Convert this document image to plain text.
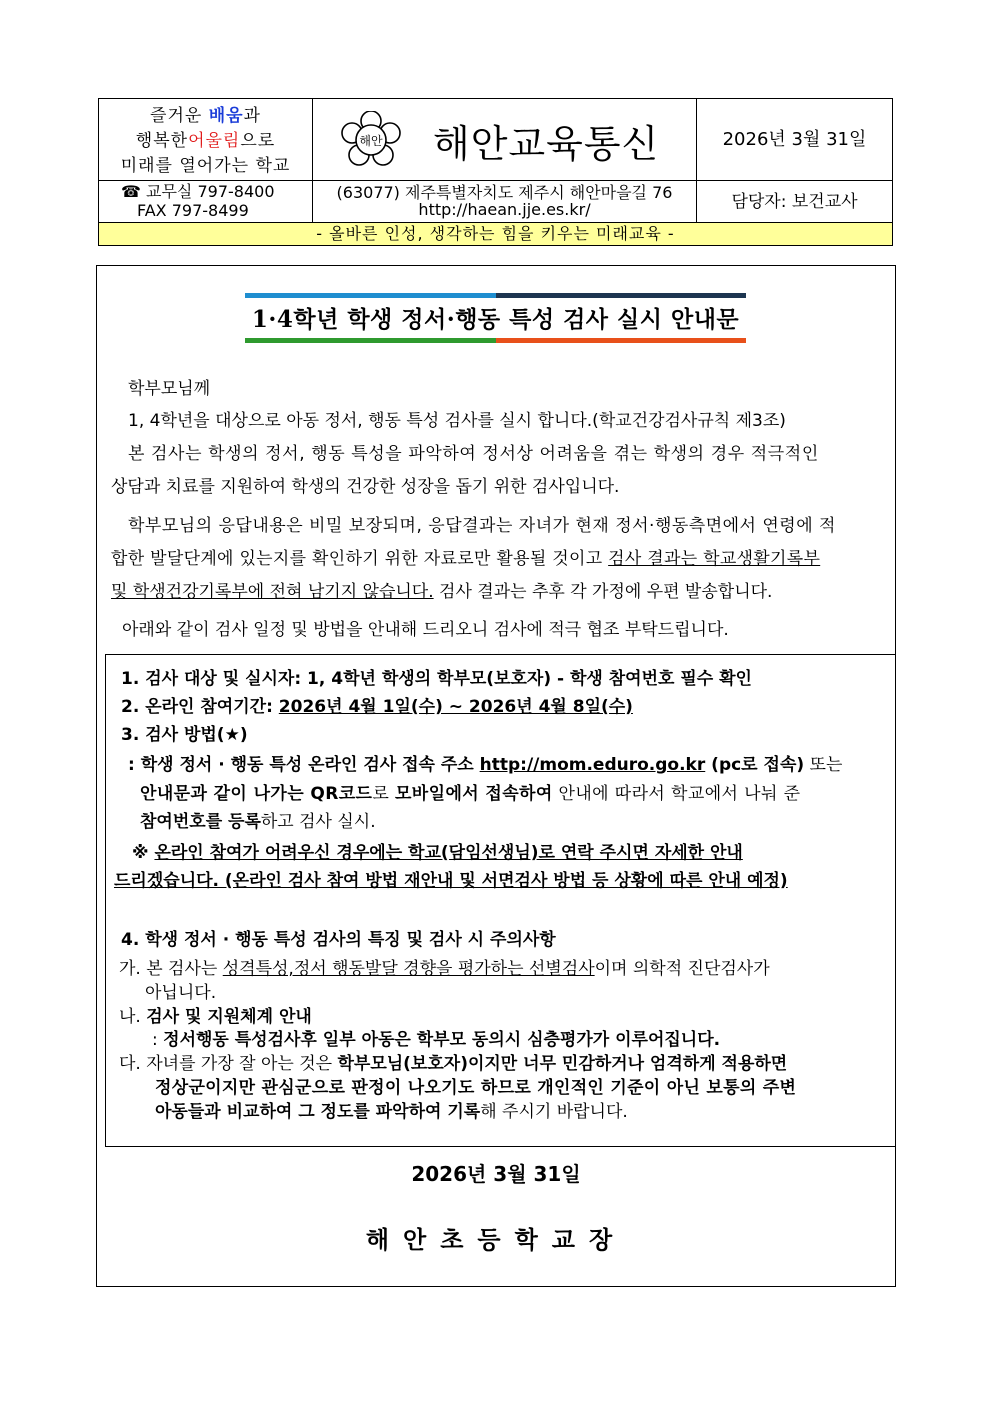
즐거운 배움과
행복한어울림으로
미래를 열어가는 학교
해안 해안교육통신	2026년 3월 31일
☎ 교무실 797-8400
FAX 797-8499
(63077) 제주특별자치도 제주시 해안마을길 76
http://haean.jje.es.kr/	담당자: 보건교사
- 올바른 인성, 생각하는 힘을 키우는 미래교육 -
1·4학년 학생 정서·행동 특성 검사 실시 안내문
학부모님께
1, 4학년을 대상으로 아동 정서, 행동 특성 검사를 실시 합니다.(학교건강검사규칙 제3조)
본 검사는 학생의 정서, 행동 특성을 파악하여 정서상 어려움을 겪는 학생의 경우 적극적인
상담과 치료를 지원하여 학생의 건강한 성장을 돕기 위한 검사입니다.
학부모님의 응답내용은 비밀 보장되며, 응답결과는 자녀가 현재 정서·행동측면에서 연령에 적
합한 발달단계에 있는지를 확인하기 위한 자료로만 활용될 것이고 검사 결과는 학교생활기록부
및 학생건강기록부에 전혀 남기지 않습니다. 검사 결과는 추후 각 가정에 우편 발송합니다.
아래와 같이 검사 일정 및 방법을 안내해 드리오니 검사에 적극 협조 부탁드립니다.
1. 검사 대상 및 실시자: 1, 4학년 학생의 학부모(보호자) - 학생 참여번호 필수 확인
2. 온라인 참여기간: 2026년 4월 1일(수) ~ 2026년 4월 8일(수)
3. 검사 방법(★)
: 학생 정서 · 행동 특성 온라인 검사 접속 주소 http://mom.eduro.go.kr (pc로 접속) 또는
안내문과 같이 나가는 QR코드로 모바일에서 접속하여 안내에 따라서 학교에서 나눠 준
참여번호를 등록하고 검사 실시.
※ 온라인 참여가 어려우신 경우에는 학교(담임선생님)로 연락 주시면 자세한 안내
드리겠습니다. (온라인 검사 참여 방법 재안내 및 서면검사 방법 등 상황에 따른 안내 예정)
4. 학생 정서 · 행동 특성 검사의 특징 및 검사 시 주의사항
가. 본 검사는 성격특성,정서 행동발달 경향을 평가하는 선별검사이며 의학적 진단검사가
아닙니다.
나. 검사 및 지원체계 안내
: 정서행동 특성검사후 일부 아동은 학부모 동의시 심층평가가 이루어집니다.
다. 자녀를 가장 잘 아는 것은 학부모님(보호자)이지만 너무 민감하거나 엄격하게 적용하면
정상군이지만 관심군으로 판정이 나오기도 하므로 개인적인 기준이 아닌 보통의 주변
아동들과 비교하여 그 정도를 파악하여 기록해 주시기 바랍니다.
2026년 3월 31일
해안초등학교장
